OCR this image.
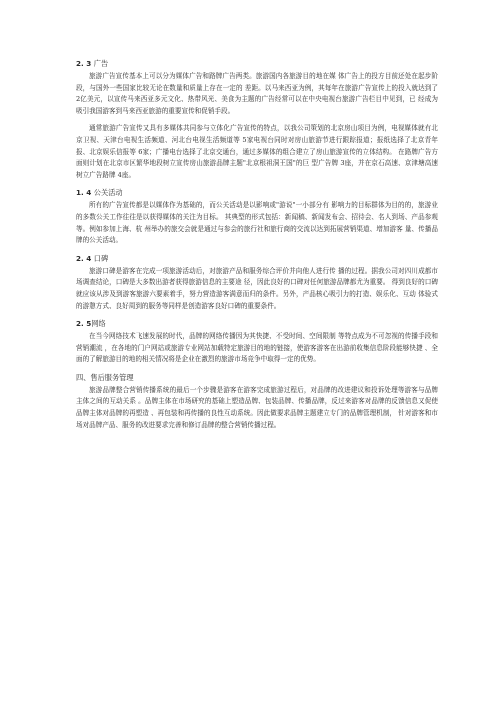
2. 3 广告

旅游广告宣传基本上可以分为媒体广告和路牌广告两类。旅游国内各旅游目的地在媒 体广告上的投方目前还处在起步阶段，与国外一些国家比较无论在数量和质量上存在一定的 差距。以马来西亚为例，其每年在旅游广告宣传上的投入就达到了 2亿美元，以宣传马来西亚多元文化、热带风光、美食为主题的广告经常可以在中央电视台旅游广告栏目中见到，已 经成为吸引我国游客到马来西亚旅游的重要宣传和促销手段。

通常旅游广告宣传又具有多媒体共同参与立体化广告宣传的特点，以我公司策划的北京房山项目为例，电视媒体就有北京卫视、天津台电视生活频道、河北台电视生活频道等 5家电视台同时对房山旅游节进行跟踪报道；报纸选择了北京青年报、北京娱乐信报等 6家；广播电台选择了北京交通台，通过多媒体的组合建立了房山旅游宣传的立体结构。 在路牌广告方面则计划在北京市区繁华地段树立宣传房山旅游品牌主题"北京根祖洞王国"的巨 型广告牌 3座，并在京石高速、京津塘高速树立广告路牌 4座。

1. 4 公关活动

所有的广告宣传都是以媒体作为基础的，而公关活动是以影响或"游说"一小部分有 影响力的目标群体为目的的，旅游业的多数公关工作往往是以获得媒体的关注为目标。 其典型的形式包括：新闻稿、新闻发布会、招待会、名人到场、产品参观等。例如参加上海、杭 州举办的旅交会就是通过与参会的旅行社和旅行商的交流以达到拓展营销渠道、增加游客 量、传播品牌的公关活动。

2. 4 口碑

旅游口碑是游客在完成一项旅游活动后，对旅游产品和服务综合评价并向他人进行传 播的过程。据我公司对四川成都市场调查结论，口碑是大多数出游者获得旅游信息的主要途 径，因此良好的口碑对任何旅游品牌都尤为重要。 得到良好的口碑就应该从涉及到游客旅游六要素着手，努力营造游客满意而归的条件。另外，产品核心吸引力的打造、娱乐化、互动 体验式的游憩方式、良好周到的服务等同样是创造游客良好口碑的重要条件。

2. 5网络

在当今网络技术飞速发展的时代，品牌的网络传播因为其快捷、不受时间、空间限制 等特点成为不可忽视的传播手段和营销潮流 ，在各地的门户网站或旅游专业网站加载特定旅游目的地的链接，使游客游客在出游前收集信息阶段能够快捷 、全面的了解旅游目的地的相关情况将是企业在激烈的旅游市场竞争中取得一定的优势。

四、售后服务管理

旅游品牌整合营销传播系统的最后一个步骤是游客在游客完成旅游过程后，对品牌的改进建议和投诉处理等游客与品牌主体之间的互动关系 。品牌主体在市场研究的基础上塑造品牌、包装品牌、传播品牌，反过来游客对品牌的反馈信息又促使品牌主体对品牌的再塑造 、再包装和再传播的良性互动系统。因此做要求品牌主题建立专门的品牌管理机制， 针对游客和市场对品牌产品、服务的改进要求完善和修订品牌的整合营销传播过程。
